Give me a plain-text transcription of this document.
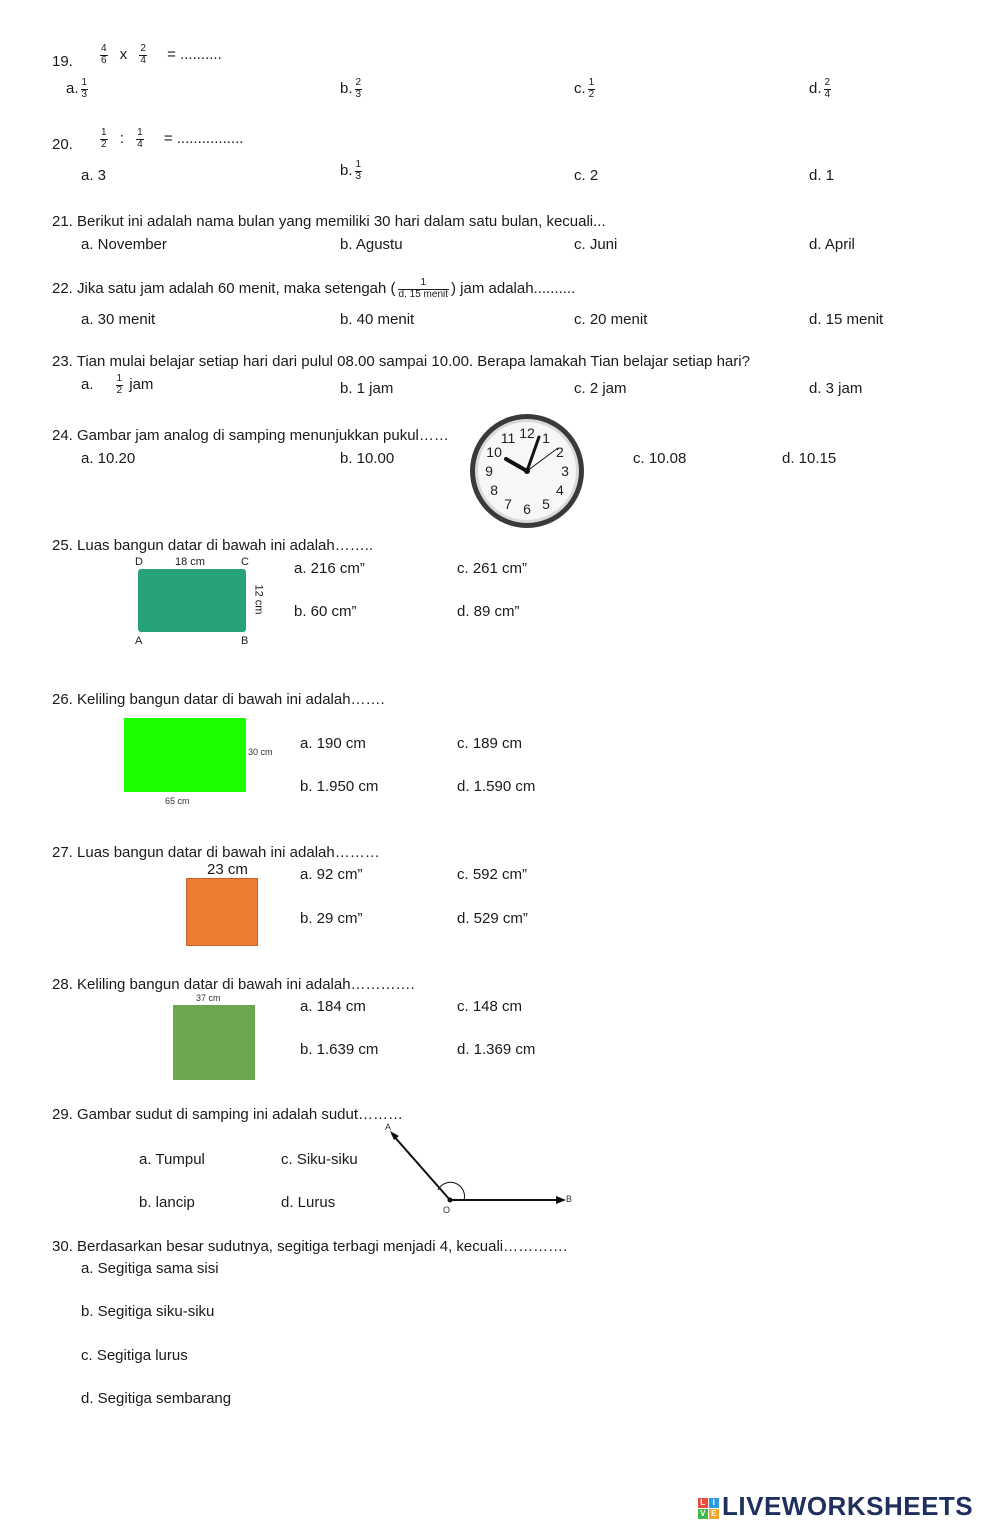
19.	$\frac{4}{6}$ x $\frac{2}{4}$ = ..........
a. $\frac{1}{3}$	b. $\frac{2}{3}$	c. $\frac{1}{2}$	d. $\frac{2}{4}$
20.	$\frac{1}{2}$ : $\frac{1}{4}$ = ................
a. 3	b. $\frac{1}{3}$	c. 2	d. 1
21. Berikut ini adalah nama bulan yang memiliki 30 hari dalam satu bulan, kecuali...
a. November	b. Agustu	c. Juni	d. April
22. Jika satu jam adalah 60 menit, maka setengah ( $\frac{1}{\text{d. 15 menit}}$ ) jam adalah..........
a. 30 menit	b. 40 menit	c. 20 menit	d. 15 menit
23. Tian mulai belajar setiap hari dari pulul 08.00 sampai 10.00. Berapa lamakah Tian belajar setiap hari?
a. $\frac{1}{2}$ jam	b. 1 jam	c. 2 jam	d. 3 jam
24. Gambar jam analog di samping menunjukkan pukul……
a. 10.20	b. 10.00	c. 10.08	d. 10.15
12 1
2
3
4
5
6
7
8
9
10
11
25. Luas bangun datar di bawah ini adalah……..
D	18 cm	C
12 cm
A	B
a. 216 cm”
b. 60 cm”
c. 261 cm”
d. 89 cm”
26. Keliling bangun datar di bawah ini adalah…….
30 cm
65 cm
a. 190 cm
b. 1.950 cm
c. 189 cm
d. 1.590 cm
27. Luas bangun datar di bawah ini adalah………
23 cm	a. 92 cm”
b. 29 cm”
c. 592 cm”
d. 529 cm”
28. Keliling bangun datar di bawah ini adalah………….
37 cm	a. 184 cm
b. 1.639 cm
c. 148 cm
d. 1.369 cm
29. Gambar sudut di samping ini adalah sudut………
a. Tumpul
b. lancip
c. Siku-siku
d. Lurus
A
O
B
30. Berdasarkan besar sudutnya, segitiga terbagi menjadi 4, kecuali………….
a. Segitiga sama sisi
b. Segitiga siku-siku
c. Segitiga lurus
d. Segitiga sembarang
L I
V E LIVEWORKSHEETS
